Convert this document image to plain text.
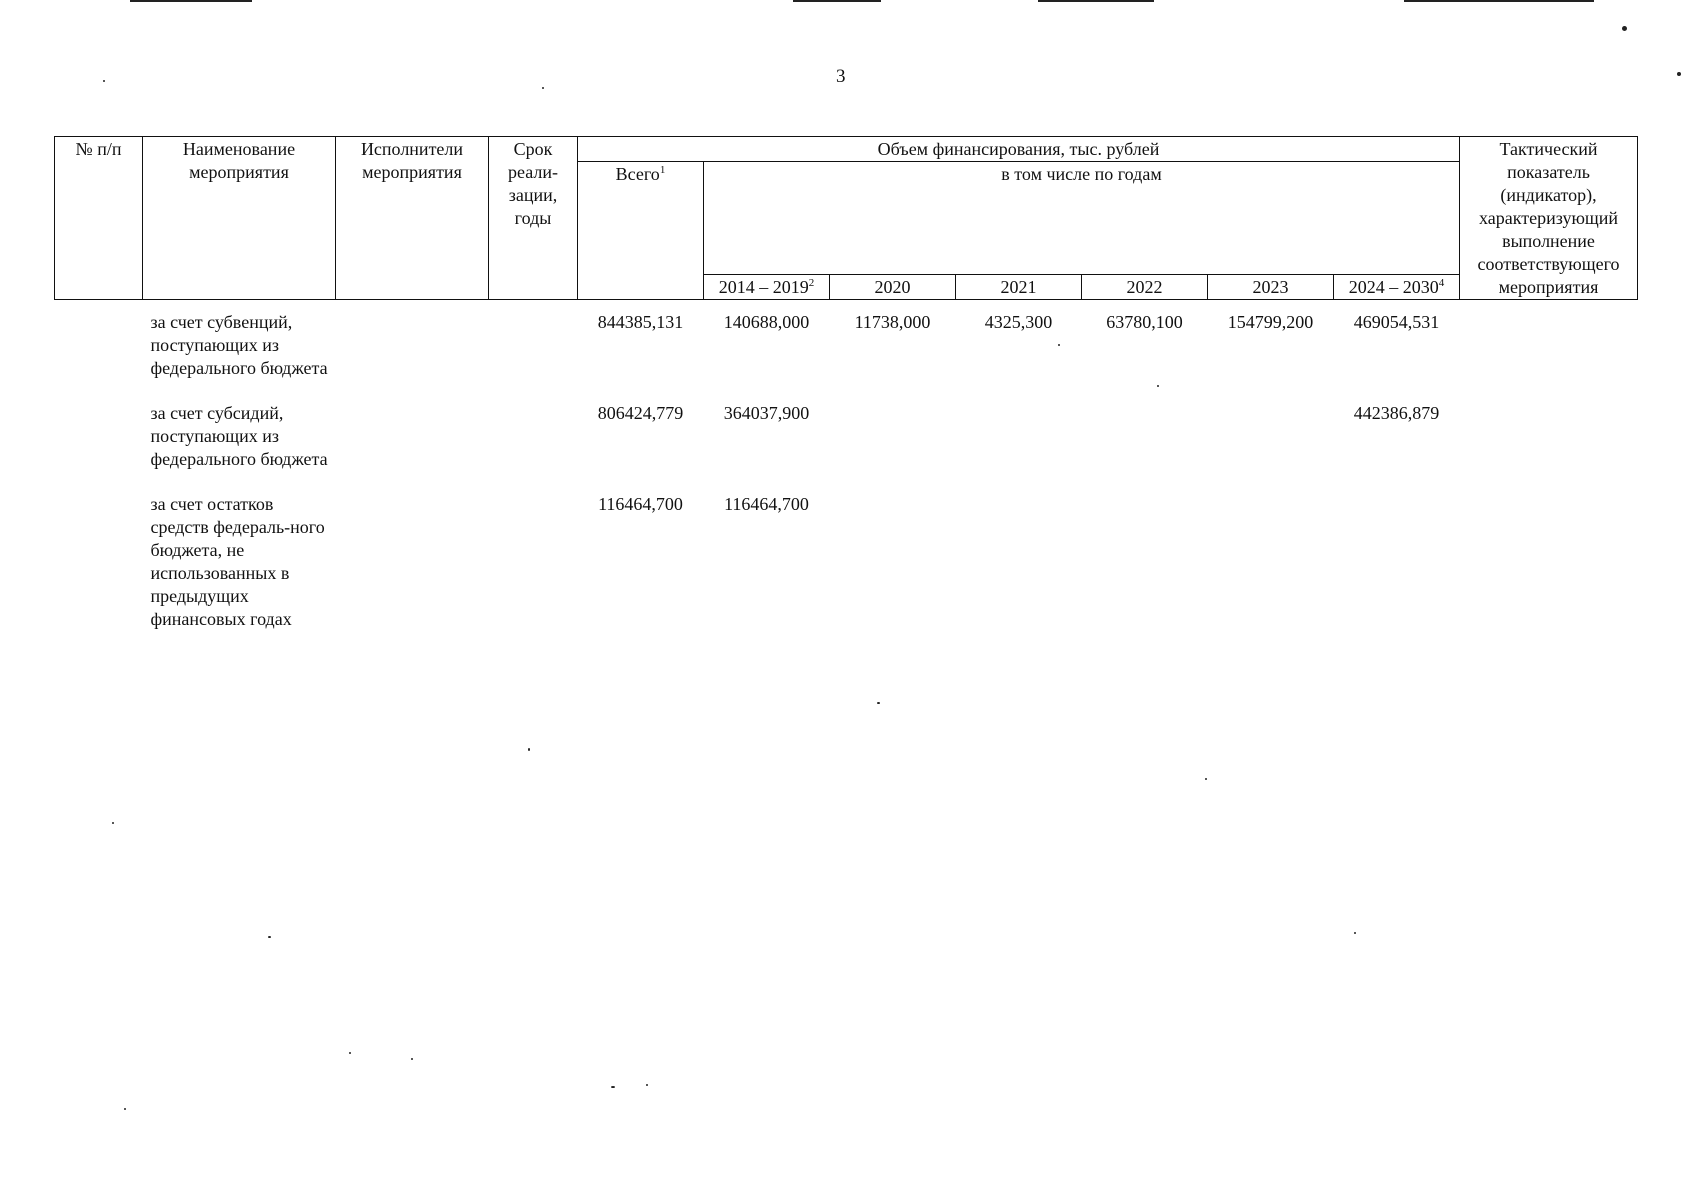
3
№ п/п	Наименование мероприятия	Исполнители мероприятия	Срок реали-зации, годы	Объем финансирования, тыс. рублей							Тактический показатель (индикатор), характеризующий выполнение соответствующего мероприятия
				Всего$^1$	в том числе по годам						
					2014 – 2019$^2$	2020	2021	2022	2023	2024 – 2030$^4$
	за счет субвенций, поступающих из федерального бюджета			844385,131	140688,000	11738,000	4325,300	63780,100	154799,200	469054,531	
	за счет субсидий, поступающих из федерального бюджета			806424,779	364037,900					442386,879	
	за счет остатков средств федераль-ного бюджета, не использованных в предыдущих финансовых годах			116464,700	116464,700						
